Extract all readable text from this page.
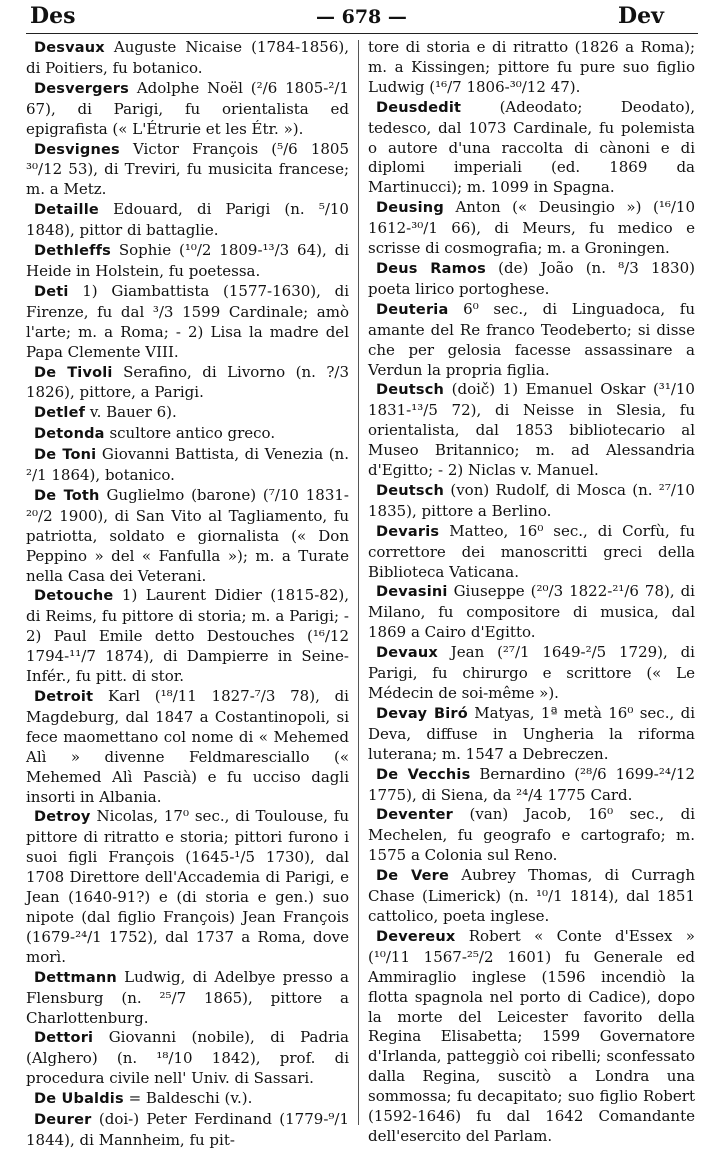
Des	— 678 —	Dev

Desvaux Auguste Nicaise (1784-1856), di Poitiers, fu botanico.

Desvergers Adolphe Noël (²/6 1805-²/1 67), di Parigi, fu orientalista ed epigrafista (« L'Étrurie et les Étr. »).

Desvignes Victor François (⁵/6 1805 ³⁰/12 53), di Treviri, fu musicita francese; m. a Metz.

Detaille Edouard, di Parigi (n. ⁵/10 1848), pittor di battaglie.

Dethleffs Sophie (¹⁰/2 1809-¹³/3 64), di Heide in Holstein, fu poetessa.

Deti 1) Giambattista (1577-1630), di Firenze, fu dal ³/3 1599 Cardinale; amò l'arte; m. a Roma; - 2) Lisa la madre del Papa Clemente VIII.

De Tivoli Serafino, di Livorno (n. ?/3 1826), pittore, a Parigi.

Detlef v. Bauer 6).

Detonda scultore antico greco.

De Toni Giovanni Battista, di Venezia (n. ²/1 1864), botanico.

De Toth Guglielmo (barone) (⁷/10 1831-²⁰/2 1900), di San Vito al Tagliamento, fu patriotta, soldato e giornalista (« Don Peppino » del « Fanfulla »); m. a Turate nella Casa dei Veterani.

Detouche 1) Laurent Didier (1815-82), di Reims, fu pittore di storia; m. a Parigi; - 2) Paul Emile detto Destouches (¹⁶/12 1794-¹¹/7 1874), di Dampierre in Seine-Infér., fu pitt. di stor.

Detroit Karl (¹⁸/11 1827-⁷/3 78), di Magdeburg, dal 1847 a Costantinopoli, si fece maomettano col nome di « Mehemed Alì » divenne Feldmaresciallo (« Mehemed Alì Pascià) e fu ucciso dagli insorti in Albania.

Detroy Nicolas, 17⁰ sec., di Toulouse, fu pittore di ritratto e storia; pittori furono i suoi figli François (1645-¹/5 1730), dal 1708 Direttore dell'Accademia di Parigi, e Jean (1640-91?) e (di storia e gen.) suo nipote (dal figlio François) Jean François (1679-²⁴/1 1752), dal 1737 a Roma, dove morì.

Dettmann Ludwig, di Adelbye presso a Flensburg (n. ²⁵/7 1865), pittore a Charlottenburg.

Dettori Giovanni (nobile), di Padria (Alghero) (n. ¹⁸/10 1842), prof. di procedura civile nell' Univ. di Sassari.

De Ubaldis = Baldeschi (v.).

Deurer (doi-) Peter Ferdinand (1779-⁹/1 1844), di Mannheim, fu pit-

tore di storia e di ritratto (1826 a Roma); m. a Kissingen; pittore fu pure suo figlio Ludwig (¹⁶/7 1806-³⁰/12 47).

Deusdedit	(Adeodato; Deodato), tedesco, dal 1073 Cardinale, fu polemista o autore d'una raccolta di cànoni e di diplomi imperiali (ed. 1869 da Martinucci); m. 1099 in Spagna.

Deusing Anton (« Deusingio ») (¹⁶/10 1612-³⁰/1 66), di Meurs, fu medico e scrisse di cosmografia; m. a Groningen.

Deus Ramos (de) João (n. ⁸/3 1830) poeta lirico portoghese.

Deuteria 6⁰ sec., di Linguadoca, fu amante del Re franco Teodeberto; si disse che per gelosia facesse assassinare a Verdun la propria figlia.

Deutsch (doič) 1) Emanuel Oskar (³¹/10 1831-¹³/5 72), di Neisse in Slesia, fu orientalista, dal 1853 bibliotecario al Museo Britannico; m. ad Alessandria d'Egitto; - 2) Niclas v. Manuel.

Deutsch (von) Rudolf, di Mosca (n. ²⁷/10 1835), pittore a Berlino.

Devaris Matteo, 16⁰ sec., di Corfù, fu correttore dei manoscritti greci della Biblioteca Vaticana.

Devasini Giuseppe (²⁰/3 1822-²¹/6 78), di Milano, fu compositore di musica, dal 1869 a Cairo d'Egitto.

Devaux Jean (²⁷/1 1649-²/5 1729), di Parigi, fu chirurgo e scrittore (« Le Médecin de soi-même »).

Devay Biró Matyas, 1ª metà 16⁰ sec., di Deva, diffuse in Ungheria la riforma luterana; m. 1547 a Debreczen.

De Vecchis Bernardino (²⁸/6 1699-²⁴/12 1775), di Siena, da ²⁴/4 1775 Card.

Deventer (van) Jacob, 16⁰ sec., di Mechelen, fu geografo e cartografo; m. 1575 a Colonia sul Reno.

De Vere Aubrey Thomas, di Curragh Chase (Limerick) (n. ¹⁰/1 1814), dal 1851 cattolico, poeta inglese.

Devereux Robert « Conte d'Essex » (¹⁰/11 1567-²⁵/2 1601) fu Generale ed Ammiraglio inglese (1596 incendiò la flotta spagnola nel porto di Cadice), dopo la morte del Leicester favorito della Regina Elisabetta; 1599 Governatore d'Irlanda, patteggiò coi ribelli; sconfessato dalla Regina, suscitò a Londra una sommossa; fu decapitato; suo figlio Robert (1592-1646) fu dal 1642 Comandante dell'esercito del Parlam.
